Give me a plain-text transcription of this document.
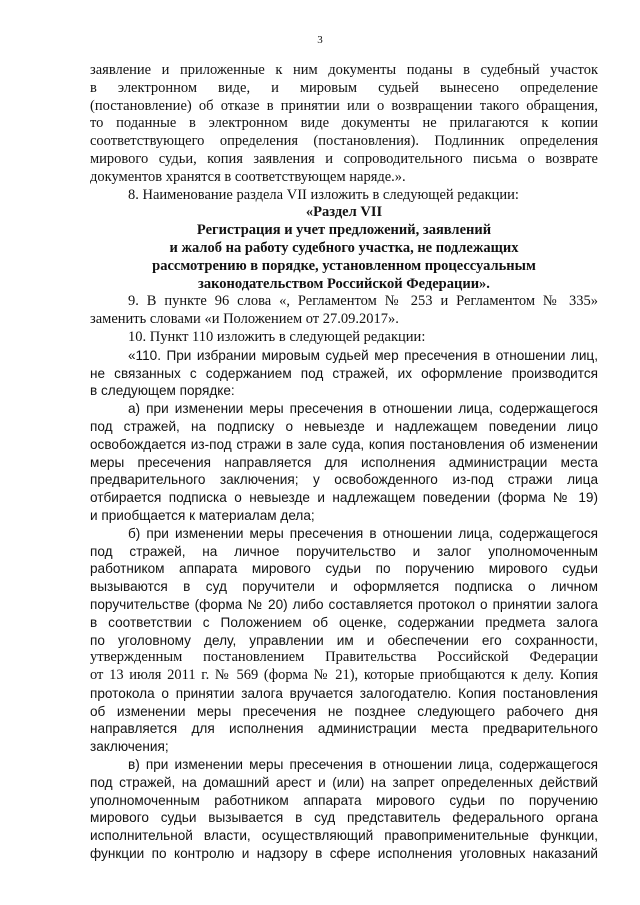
3
заявление и приложенные к ним документы поданы в судебный участок
в электронном виде, и мировым судьей вынесено определение
(постановление) об отказе в принятии или о возвращении такого обращения,
то поданные в электронном виде документы не прилагаются к копии
соответствующего определения (постановления). Подлинник определения
мирового судьи, копия заявления и сопроводительного письма о возврате
документов хранятся в соответствующем наряде.».
8. Наименование раздела VII изложить в следующей редакции:
«Раздел VII
Регистрация и учет предложений, заявлений
и жалоб на работу судебного участка, не подлежащих
рассмотрению в порядке, установленном процессуальным
законодательством Российской Федерации».
9. В пункте 96 слова «, Регламентом № 253 и Регламентом № 335»
заменить словами «и Положением от 27.09.2017».
10. Пункт 110 изложить в следующей редакции:
«110. При избрании мировым судьей мер пресечения в отношении лиц,
не связанных с содержанием под стражей, их оформление производится
в следующем порядке:
а) при изменении меры пресечения в отношении лица, содержащегося
под стражей, на подписку о невыезде и надлежащем поведении лицо
освобождается из-под стражи в зале суда, копия постановления об изменении
меры пресечения направляется для исполнения администрации места
предварительного заключения; у освобожденного из-под стражи лица
отбирается подписка о невыезде и надлежащем поведении (форма № 19)
и приобщается к материалам дела;
б) при изменении меры пресечения в отношении лица, содержащегося
под стражей, на личное поручительство и залог уполномоченным
работником аппарата мирового судьи по поручению мирового судьи
вызываются в суд поручители и оформляется подписка о личном
поручительстве (форма № 20) либо составляется протокол о принятии залога
в соответствии с Положением об оценке, содержании предмета залога
по уголовному делу, управлении им и обеспечении его сохранности,
утвержденным постановлением Правительства Российской Федерации
от 13 июля 2011 г. № 569 (форма № 21), которые приобщаются к делу. Копия
протокола о принятии залога вручается залогодателю. Копия постановления
об изменении меры пресечения не позднее следующего рабочего дня
направляется для исполнения администрации места предварительного
заключения;
в) при изменении меры пресечения в отношении лица, содержащегося
под стражей, на домашний арест и (или) на запрет определенных действий
уполномоченным работником аппарата мирового судьи по поручению
мирового судьи вызывается в суд представитель федерального органа
исполнительной власти, осуществляющий правоприменительные функции,
функции по контролю и надзору в сфере исполнения уголовных наказаний
